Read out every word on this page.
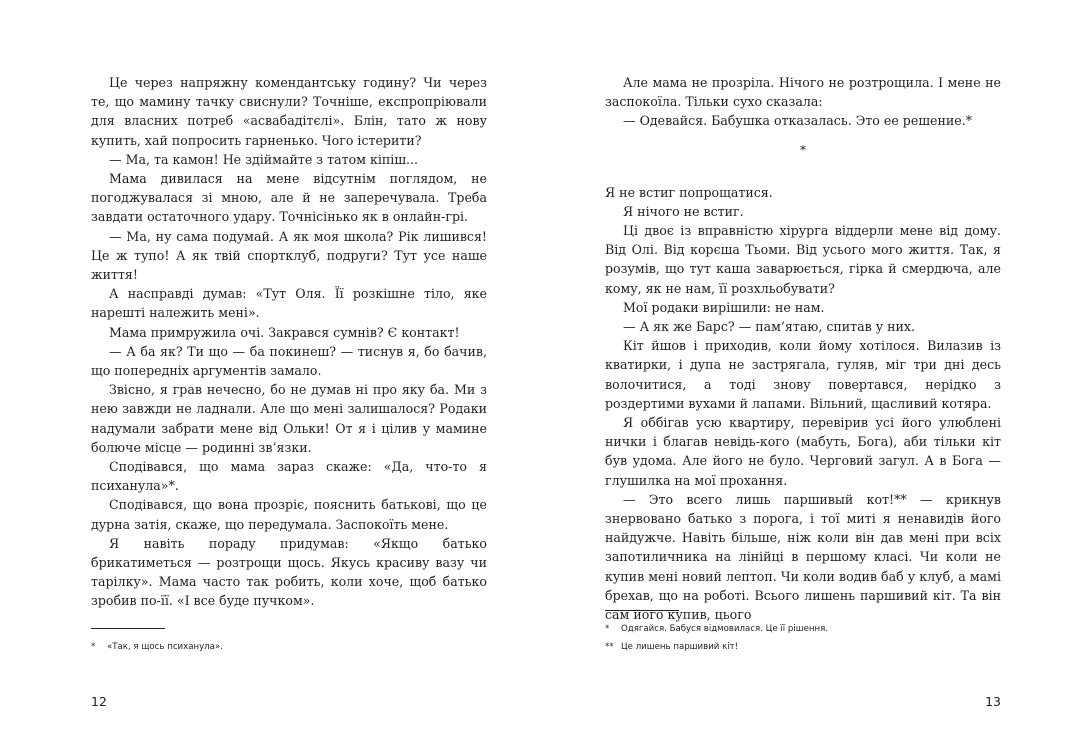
Це через напряжну комендантську годину? Чи через те, що мамину тачку свиснули? Точніше, експропріювали для власних потреб «асвабадітєлі». Блін, тато ж нову купить, хай попросить гарненько. Чого істерити?

— Ма, та камон! Не здіймайте з татом кіпіш...

Мама дивилася на мене відсутнім поглядом, не погоджувалася зі мною, але й не заперечувала. Треба завдати остаточного удару. Точнісінько як в онлайн-грі.

— Ма, ну сама подумай. А як моя школа? Рік лишився! Це ж тупо! А як твій спортклуб, подруги? Тут усе наше життя!

А насправді думав: «Тут Оля. Її розкішне тіло, яке нарешті належить мені».

Мама примружила очі. Закрався сумнів? Є контакт!

— А ба як? Ти що — ба покинеш? — тиснув я, бо бачив, що попередніх аргументів замало.

Звісно, я грав нечесно, бо не думав ні про яку ба. Ми з нею завжди не ладнали. Але що мені залишалося? Родаки надумали забрати мене від Ольки! От я і цілив у мамине болюче місце — родинні зв’язки.

Сподівався, що мама зараз скаже: «Да, что-то я психанула»*.

Сподівався, що вона прозріє, пояснить батькові, що це дурна затія, скаже, що передумала. Заспокоїть мене.

Я навіть пораду придумав: «Якщо батько брикатиметься — розтрощи щось. Якусь красиву вазу чи тарілку». Мама часто так робить, коли хоче, щоб батько зробив по-її. «І все буде пучком».

* «Так, я щось психанула».

12

Але мама не прозріла. Нічого не розтрощила. І мене не заспокоїла. Тільки сухо сказала:

— Одевайся. Бабушка отказалась. Это ее решение.*

*

Я не встиг попрощатися.

Я нічого не встиг.

Ці двоє із вправністю хірурга віддерли мене від дому. Від Олі. Від корєша Тьоми. Від усього мого життя. Так, я розумів, що тут каша заварюється, гірка й смердюча, але кому, як не нам, її розхльобувати?

Мої родаки вирішили: не нам.

— А як же Барс? — пам’ятаю, спитав у них.

Кіт йшов і приходив, коли йому хотілося. Вилазив із кватирки, і дупа не застрягала, гуляв, міг три дні десь волочитися, а тоді знову повертався, нерідко з роздертими вухами й лапами. Вільний, щасливий котяра.

Я оббігав усю квартиру, перевірив усі його улюблені нички і благав невідь-кого (мабуть, Бога), аби тільки кіт був удома. Але його не було. Черговий загул. А в Бога — глушилка на мої прохання.

— Это всего лишь паршивый кот!** — крикнув знервовано батько з порога, і тої миті я ненавидів його найдужче. Навіть більше, ніж коли він дав мені при всіх запотиличника на лінійці в першому класі. Чи коли не купив мені новий лептоп. Чи коли водив баб у клуб, а мамі брехав, що на роботі. Всього лишень паршивий кіт. Та він сам його купив, цього

* Одягайся. Бабуся відмовилася. Це її рішення.

** Це лишень паршивий кіт!

13
